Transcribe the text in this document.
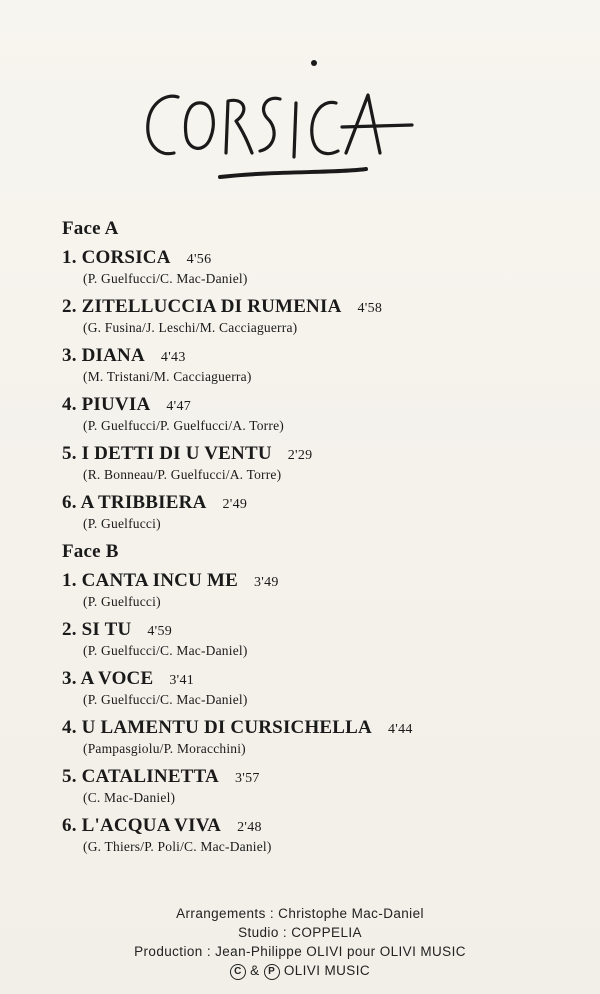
Face A
1. CORSICA 4'56
(P. Guelfucci/C. Mac-Daniel)
2. ZITELLUCCIA DI RUMENIA 4'58
(G. Fusina/J. Leschi/M. Cacciaguerra)
3. DIANA 4'43
(M. Tristani/M. Cacciaguerra)
4. PIUVIA 4'47
(P. Guelfucci/P. Guelfucci/A. Torre)
5. I DETTI DI U VENTU 2'29
(R. Bonneau/P. Guelfucci/A. Torre)
6. A TRIBBIERA 2'49
(P. Guelfucci)
Face B
1. CANTA INCU ME 3'49
(P. Guelfucci)
2. SI TU 4'59
(P. Guelfucci/C. Mac-Daniel)
3. A VOCE 3'41
(P. Guelfucci/C. Mac-Daniel)
4. U LAMENTU DI CURSICHELLA 4'44
(Pampasgiolu/P. Moracchini)
5. CATALINETTA 3'57
(C. Mac-Daniel)
6. L'ACQUA VIVA 2'48
(G. Thiers/P. Poli/C. Mac-Daniel)
Arrangements : Christophe Mac-Daniel
Studio : COPPELIA
Production : Jean-Philippe OLIVI pour OLIVI MUSIC
C & P OLIVI MUSIC
